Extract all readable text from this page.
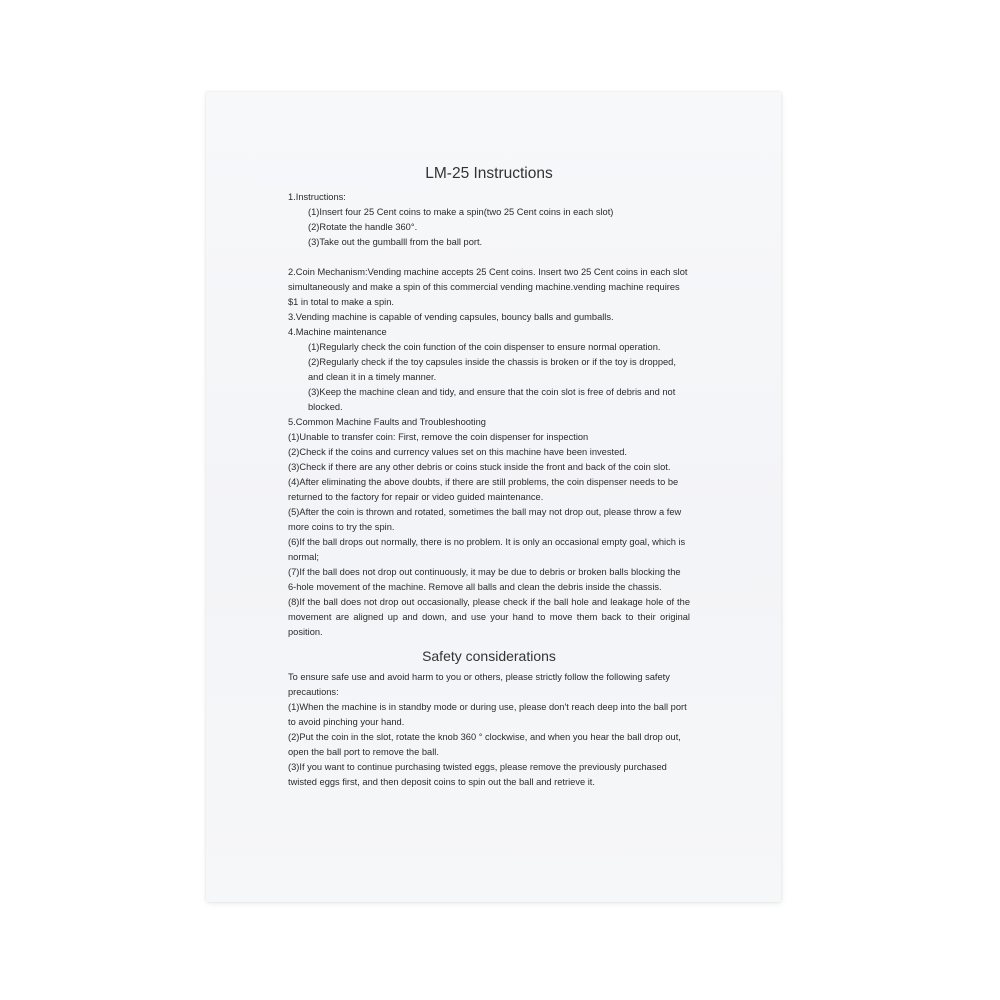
LM-25 Instructions

1.Instructions:

(1)Insert four 25 Cent coins to make a spin(two 25 Cent coins in each slot)

(2)Rotate the handle 360°.

(3)Take out the gumballl from the ball port.

2.Coin Mechanism:Vending machine accepts 25 Cent coins. Insert two 25 Cent coins in each slot simultaneously and make a spin of this commercial vending machine.vending machine requires $1 in total to make a spin.

3.Vending machine is capable of vending capsules, bouncy balls and gumballs.

4.Machine maintenance

(1)Regularly check the coin function of the coin dispenser to ensure normal operation.

(2)Regularly check if the toy capsules inside the chassis is broken or if the toy is dropped, and clean it in a timely manner.

(3)Keep the machine clean and tidy, and ensure that the coin slot is free of debris and not blocked.

5.Common Machine Faults and Troubleshooting

(1)Unable to transfer coin: First, remove the coin dispenser for inspection

(2)Check if the coins and currency values set on this machine have been invested.

(3)Check if there are any other debris or coins stuck inside the front and back of the coin slot.

(4)After eliminating the above doubts, if there are still problems, the coin dispenser needs to be returned to the factory for repair or video guided maintenance.

(5)After the coin is thrown and rotated, sometimes the ball may not drop out, please throw a few more coins to try the spin.

(6)If the ball drops out normally, there is no problem. It is only an occasional empty goal, which is normal;

(7)If the ball does not drop out continuously, it may be due to debris or broken balls blocking the 6-hole movement of the machine. Remove all balls and clean the debris inside the chassis.

(8)If the ball does not drop out occasionally, please check if the ball hole and leakage hole of the movement are aligned up and down, and use your hand to move them back to their original position.

Safety considerations

To ensure safe use and avoid harm to you or others, please strictly follow the following safety precautions:

(1)When the machine is in standby mode or during use, please don't reach deep into the ball port to avoid pinching your hand.

(2)Put the coin in the slot, rotate the knob 360 ° clockwise, and when you hear the ball drop out, open the ball port to remove the ball.

(3)If you want to continue purchasing twisted eggs, please remove the previously purchased twisted eggs first, and then deposit coins to spin out the ball and retrieve it.
